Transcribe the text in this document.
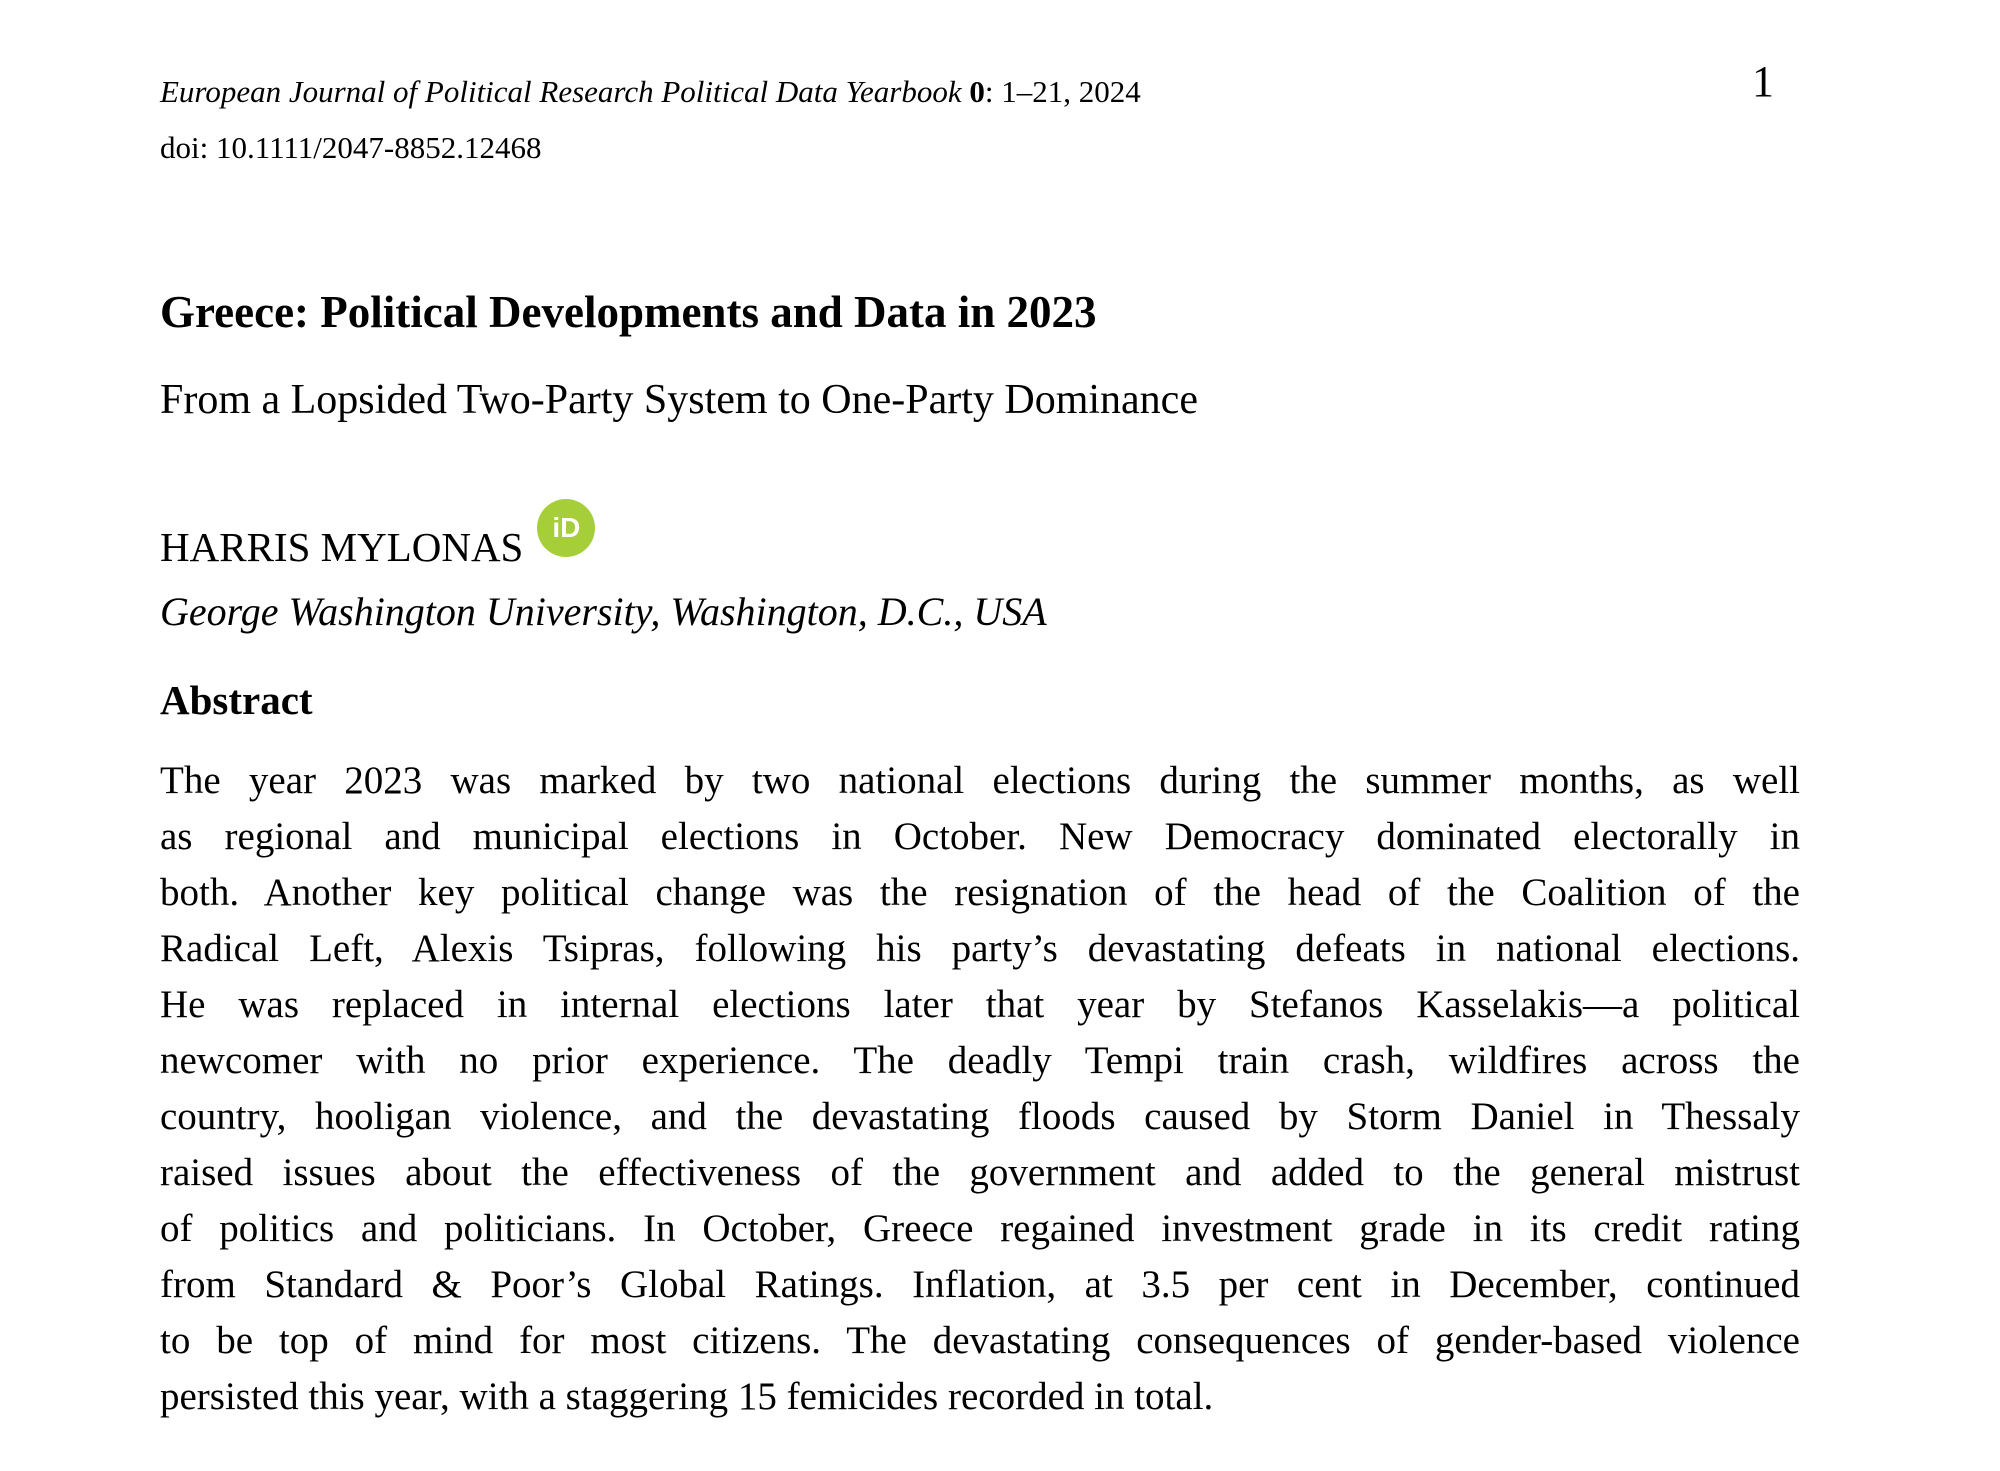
European Journal of Political Research Political Data Yearbook 0: 1–21, 2024
doi: 10.1111/2047-8852.12468
1
Greece: Political Developments and Data in 2023
From a Lopsided Two-Party System to One-Party Dominance
HARRIS MYLONAS	iD
George Washington University, Washington, D.C., USA
Abstract
The year 2023 was marked by two national elections during the summer months, as well
as regional and municipal elections in October. New Democracy dominated electorally in
both. Another key political change was the resignation of the head of the Coalition of the
Radical Left, Alexis Tsipras, following his party’s devastating defeats in national elections.
He was replaced in internal elections later that year by Stefanos Kasselakis—a political
newcomer with no prior experience. The deadly Tempi train crash, wildfires across the
country, hooligan violence, and the devastating floods caused by Storm Daniel in Thessaly
raised issues about the effectiveness of the government and added to the general mistrust
of politics and politicians. In October, Greece regained investment grade in its credit rating
from Standard & Poor’s Global Ratings. Inflation, at 3.5 per cent in December, continued
to be top of mind for most citizens. The devastating consequences of gender-based violence
persisted this year, with a staggering 15 femicides recorded in total.
